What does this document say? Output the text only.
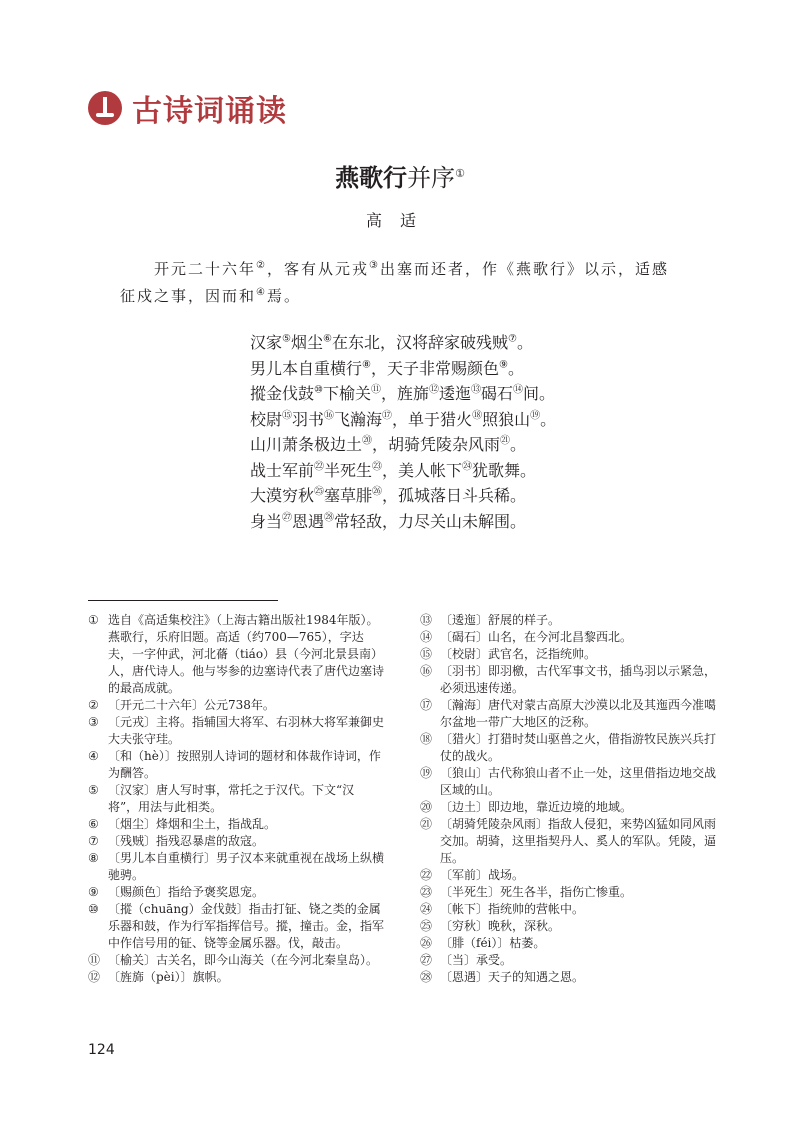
古诗词诵读
燕歌行并序①
高适
开元二十六年②，客有从元戎③出塞而还者，作《燕歌行》以示，适感征戍之事，因而和④焉。
汉家⑤烟尘⑥在东北，汉将辞家破残贼⑦。
男儿本自重横行⑧，天子非常赐颜色⑨。
摐金伐鼓⑩下榆关⑪，旌旆⑫逶迤⑬碣石⑭间。
校尉⑮羽书⑯飞瀚海⑰，单于猎火⑱照狼山⑲。
山川萧条极边土⑳，胡骑凭陵杂风雨$^㉑$。
战士军前$^㉒$半死生$^㉓$，美人帐下$^㉔$犹歌舞。
大漠穷秋$^㉕$塞草腓$^㉖$，孤城落日斗兵稀。
身当$^㉗$恩遇$^㉘$常轻敌，力尽关山未解围。
① 选自《高适集校注》（上海古籍出版社1984年版）。燕歌行，乐府旧题。高适（约700—765），字达夫，一字仲武，河北蓨（tiáo）县（今河北景县南）人，唐代诗人。他与岑参的边塞诗代表了唐代边塞诗的最高成就。
② 〔开元二十六年〕公元738年。
③ 〔元戎〕主将。指辅国大将军、右羽林大将军兼御史大夫张守珪。
④ 〔和（hè）〕按照别人诗词的题材和体裁作诗词，作为酬答。
⑤ 〔汉家〕唐人写时事，常托之于汉代。下文“汉将”，用法与此相类。
⑥ 〔烟尘〕烽烟和尘土，指战乱。
⑦ 〔残贼〕指残忍暴虐的敌寇。
⑧ 〔男儿本自重横行〕男子汉本来就重视在战场上纵横驰骋。
⑨ 〔赐颜色〕指给予褒奖恩宠。
⑩ 〔摐（chuāng）金伐鼓〕指击打钲、铙之类的金属乐器和鼓，作为行军指挥信号。摐，撞击。金，指军中作信号用的钲、铙等金属乐器。伐，敲击。
⑪ 〔榆关〕古关名，即今山海关（在今河北秦皇岛）。
⑫ 〔旌旆（pèi）〕旗帜。
⑬ 〔逶迤〕舒展的样子。
⑭ 〔碣石〕山名，在今河北昌黎西北。
⑮ 〔校尉〕武官名，泛指统帅。
⑯ 〔羽书〕即羽檄，古代军事文书，插鸟羽以示紧急，必须迅速传递。
⑰ 〔瀚海〕唐代对蒙古高原大沙漠以北及其迤西今准噶尔盆地一带广大地区的泛称。
⑱ 〔猎火〕打猎时焚山驱兽之火，借指游牧民族兴兵打仗的战火。
⑲ 〔狼山〕古代称狼山者不止一处，这里借指边地交战区域的山。
⑳ 〔边土〕即边地，靠近边境的地域。
㉑ 〔胡骑凭陵杂风雨〕指敌人侵犯，来势凶猛如同风雨交加。胡骑，这里指契丹人、奚人的军队。凭陵，逼压。
㉒ 〔军前〕战场。
㉓ 〔半死生〕死生各半，指伤亡惨重。
㉔ 〔帐下〕指统帅的营帐中。
㉕ 〔穷秋〕晚秋，深秋。
㉖ 〔腓（féi）〕枯萎。
㉗ 〔当〕承受。
㉘ 〔恩遇〕天子的知遇之恩。
124
